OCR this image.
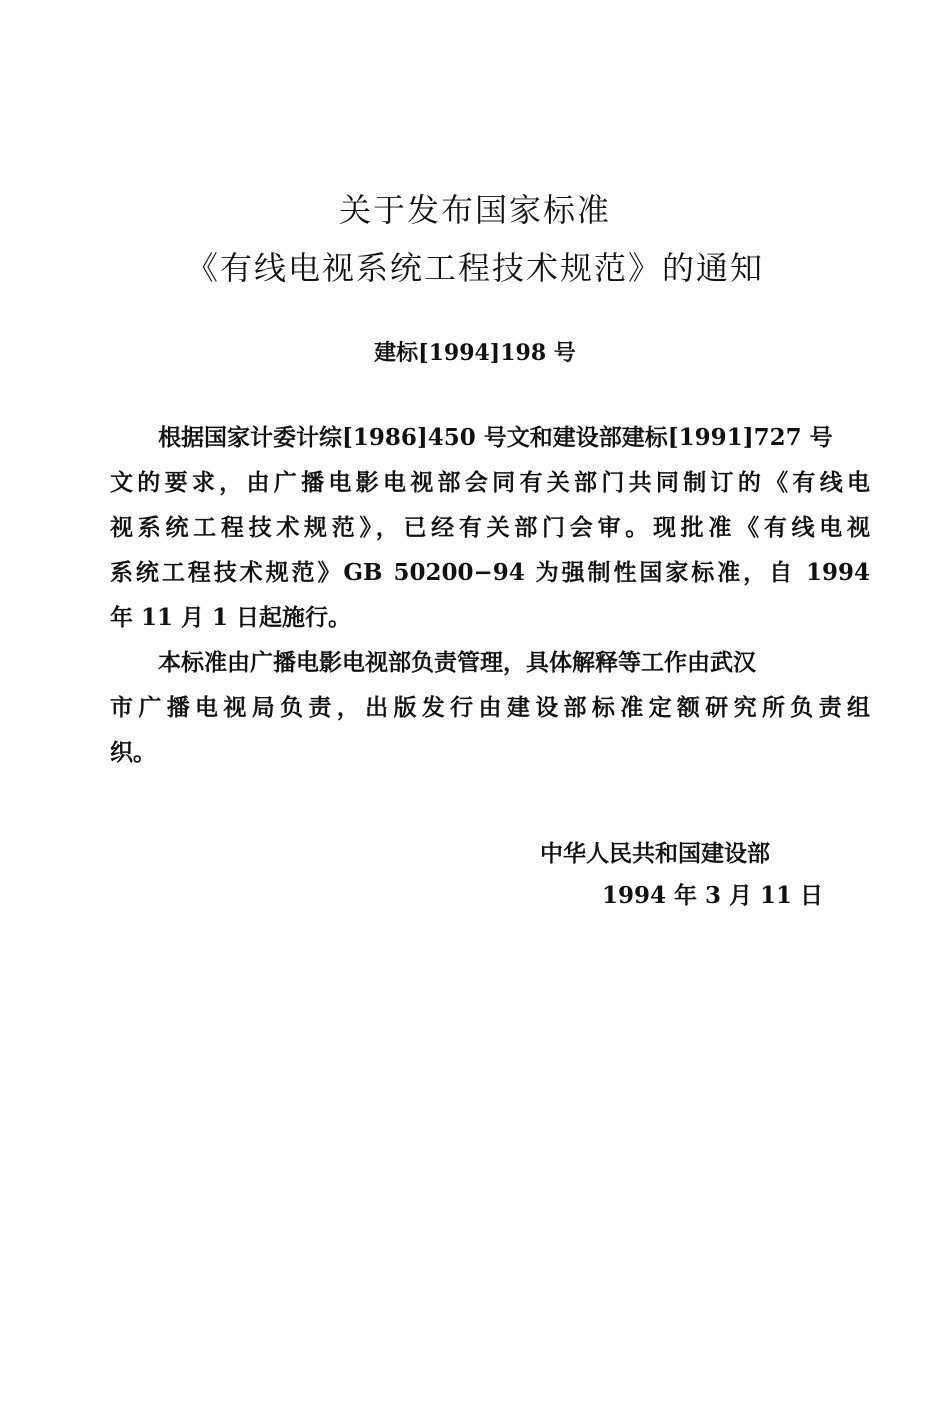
关于发布国家标准
《有线电视系统工程技术规范》的通知
建标[1994]198 号
根据国家计委计综[1986]450 号文和建设部建标[1991]727 号
文的要求，由广播电影电视部会同有关部门共同制订的《有线电
视系统工程技术规范》，已经有关部门会审。现批准《有线电视
系统工程技术规范》GB 50200−94 为强制性国家标准，自 1994
年 11 月 1 日起施行。
本标准由广播电影电视部负责管理，具体解释等工作由武汉
市广播电视局负责，出版发行由建设部标准定额研究所负责组
织。
中华人民共和国建设部
1994 年 3 月 11 日
